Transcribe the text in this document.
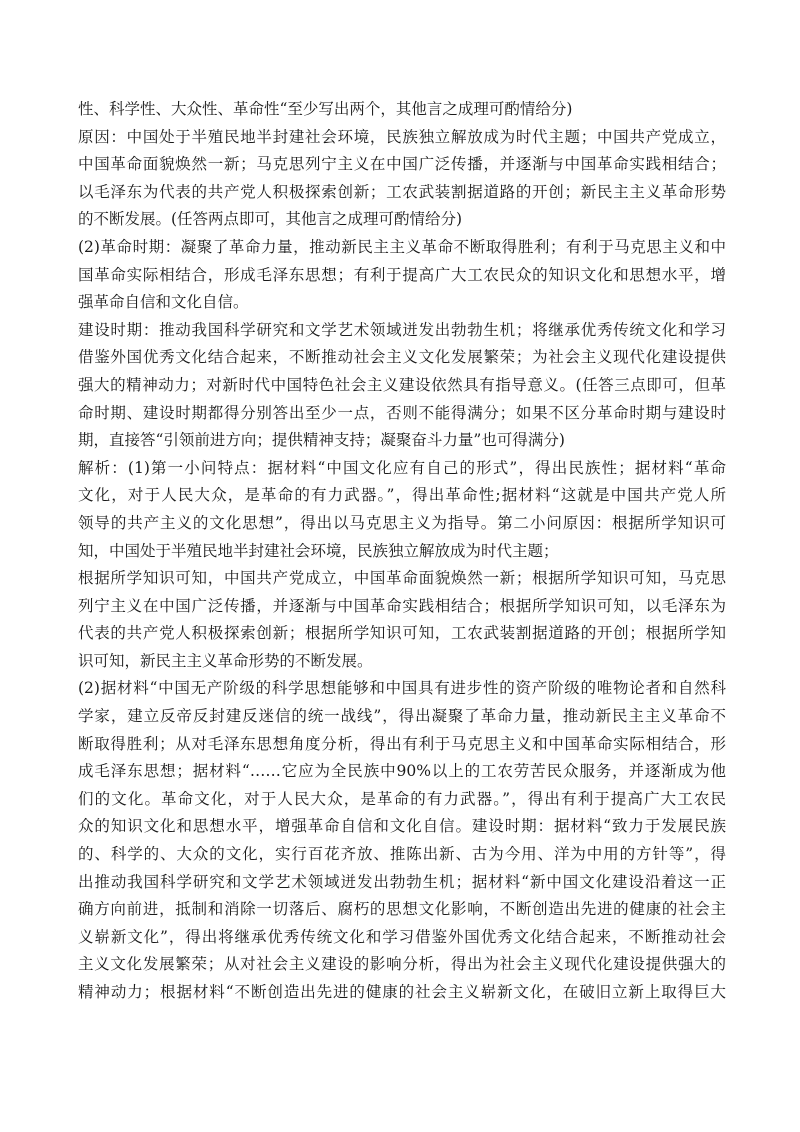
性、科学性、大众性、革命性“至少写出两个，其他言之成理可酌情给分)
原因：中国处于半殖民地半封建社会环境，民族独立解放成为时代主题；中国共产党成立，
中国革命面貌焕然一新；马克思列宁主义在中国广泛传播，并逐渐与中国革命实践相结合；
以毛泽东为代表的共产党人积极探索创新；工农武装割据道路的开创；新民主主义革命形势
的不断发展。(任答两点即可，其他言之成理可酌情给分)
(2)革命时期：凝聚了革命力量，推动新民主主义革命不断取得胜利；有利于马克思主义和中
国革命实际相结合，形成毛泽东思想；有利于提高广大工农民众的知识文化和思想水平，增
强革命自信和文化自信。
建设时期：推动我国科学研究和文学艺术领域迸发出勃勃生机；将继承优秀传统文化和学习
借鉴外国优秀文化结合起来，不断推动社会主义文化发展繁荣；为社会主义现代化建设提供
强大的精神动力；对新时代中国特色社会主义建设依然具有指导意义。(任答三点即可，但革
命时期、建设时期都得分别答出至少一点，否则不能得满分；如果不区分革命时期与建设时
期，直接答“引领前进方向；提供精神支持；凝聚奋斗力量”也可得满分)
解析：(1)第一小问特点：据材料“中国文化应有自己的形式”，得出民族性；据材料“革命
文化，对于人民大众，是革命的有力武器。”，得出革命性;据材料“这就是中国共产党人所
领导的共产主义的文化思想”，得出以马克思主义为指导。第二小问原因：根据所学知识可
知，中国处于半殖民地半封建社会环境，民族独立解放成为时代主题；
根据所学知识可知，中国共产党成立，中国革命面貌焕然一新；根据所学知识可知，马克思
列宁主义在中国广泛传播，并逐渐与中国革命实践相结合；根据所学知识可知，以毛泽东为
代表的共产党人积极探索创新；根据所学知识可知，工农武装割据道路的开创；根据所学知
识可知，新民主主义革命形势的不断发展。
(2)据材料“中国无产阶级的科学思想能够和中国具有进步性的资产阶级的唯物论者和自然科
学家，建立反帝反封建反迷信的统一战线”，得出凝聚了革命力量，推动新民主主义革命不
断取得胜利；从对毛泽东思想角度分析，得出有利于马克思主义和中国革命实际相结合，形
成毛泽东思想；据材料“……它应为全民族中90%以上的工农劳苦民众服务，并逐渐成为他
们的文化。革命文化，对于人民大众，是革命的有力武器。”，得出有利于提高广大工农民
众的知识文化和思想水平，增强革命自信和文化自信。建设时期：据材料“致力于发展民族
的、科学的、大众的文化，实行百花齐放、推陈出新、古为今用、洋为中用的方针等”，得
出推动我国科学研究和文学艺术领域迸发出勃勃生机；据材料“新中国文化建设沿着这一正
确方向前进，抵制和消除一切落后、腐朽的思想文化影响，不断创造出先进的健康的社会主
义崭新文化”，得出将继承优秀传统文化和学习借鉴外国优秀文化结合起来，不断推动社会
主义文化发展繁荣；从对社会主义建设的影响分析，得出为社会主义现代化建设提供强大的
精神动力；根据材料“不断创造出先进的健康的社会主义崭新文化，在破旧立新上取得巨大
